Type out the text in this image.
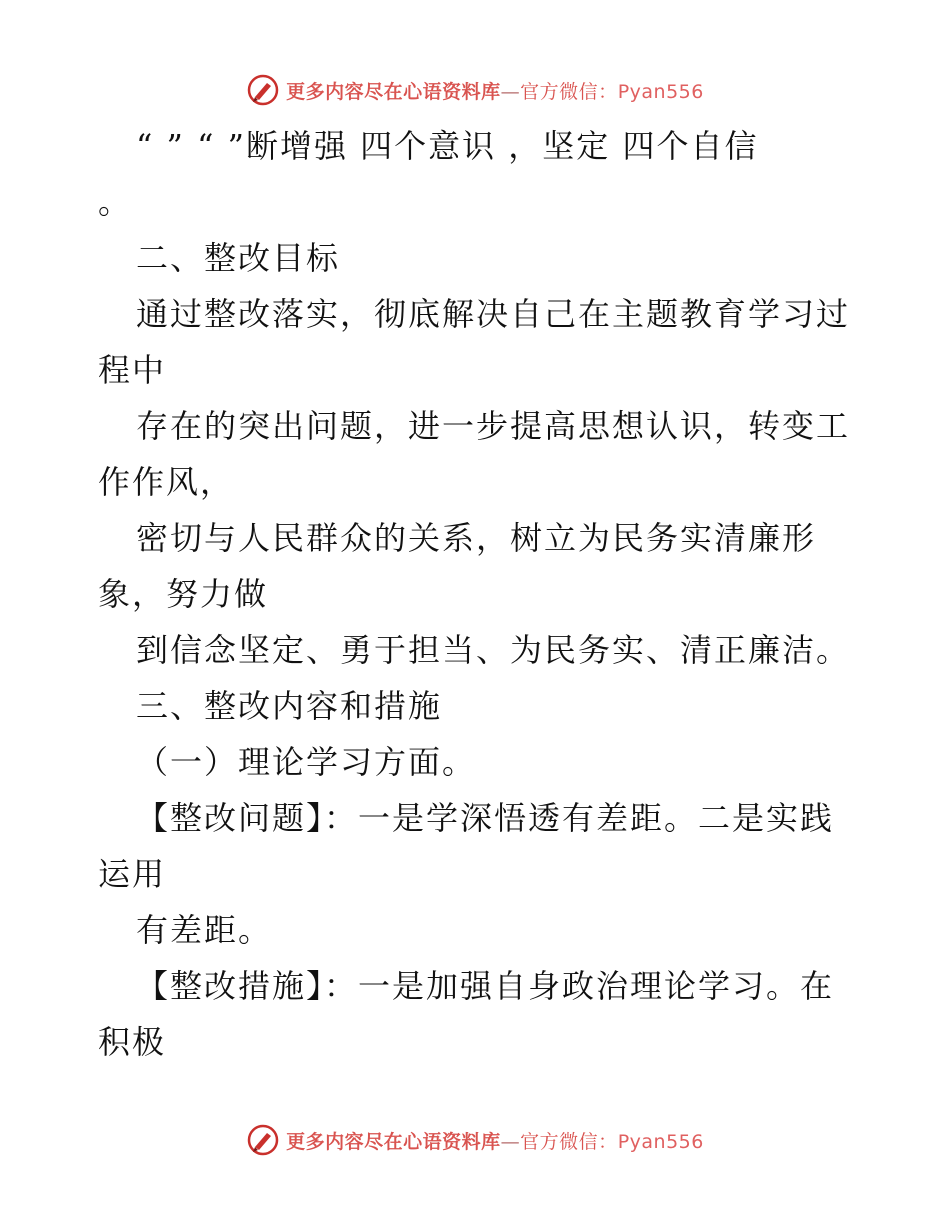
更多内容尽在心语资料库—官方微信：Pyan556
“ ” “ ”断增强 四个意识 ，坚定 四个自信
。
二、整改目标
通过整改落实，彻底解决自己在主题教育学习过
程中
存在的突出问题，进一步提高思想认识，转变工
作作风，
密切与人民群众的关系，树立为民务实清廉形
象，努力做
到信念坚定、勇于担当、为民务实、清正廉洁。
三、整改内容和措施
（一）理论学习方面。
【整改问题】：一是学深悟透有差距。二是实践
运用
有差距。
【整改措施】：一是加强自身政治理论学习。在
积极
更多内容尽在心语资料库—官方微信：Pyan556
